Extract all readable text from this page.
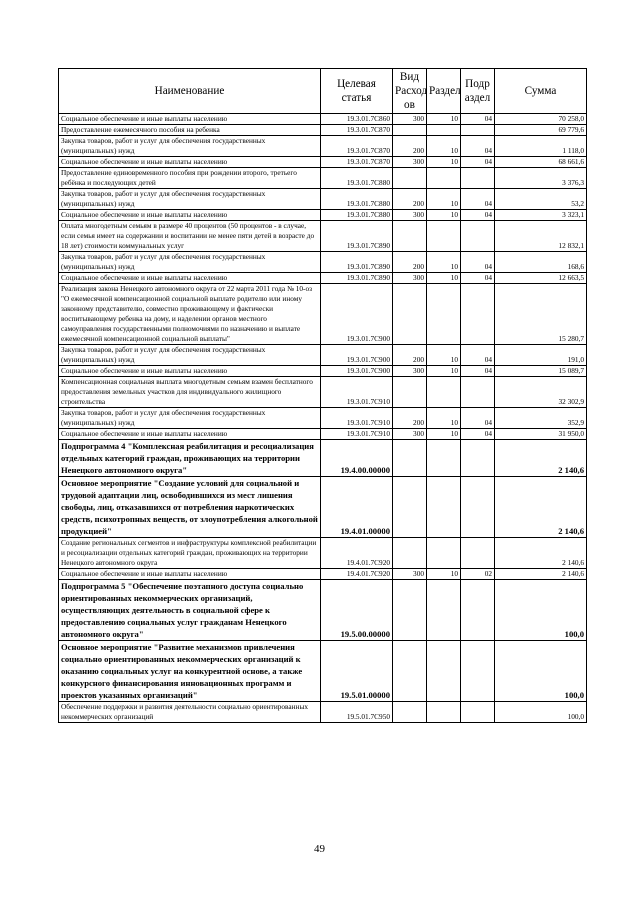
Наименование	Целевая статья	Вид Расход ов	Раздел	Подр аздел	Сумма
Социальное обеспечение и иные выплаты населению	19.3.01.7C860	300	10	04	70 258,0
Предоставление ежемесячного пособия на ребенка	19.3.01.7C870				69 779,6
Закупка товаров, работ и услуг для обеспечения государственных (муниципальных) нужд	19.3.01.7C870	200	10	04	1 118,0
Социальное обеспечение и иные выплаты населению	19.3.01.7C870	300	10	04	68 661,6
Предоставление единовременного пособия при рождении второго, третьего ребёнка и последующих детей	19.3.01.7C880				3 376,3
Закупка товаров, работ и услуг для обеспечения государственных (муниципальных) нужд	19.3.01.7C880	200	10	04	53,2
Социальное обеспечение и иные выплаты населению	19.3.01.7C880	300	10	04	3 323,1
Оплата многодетным семьям в размере 40 процентов (50 процентов - в случае, если семья имеет на содержании и воспитании не менее пяти детей в возрасте до 18 лет) стоимости коммунальных услуг	19.3.01.7C890				12 832,1
Закупка товаров, работ и услуг для обеспечения государственных (муниципальных) нужд	19.3.01.7C890	200	10	04	168,6
Социальное обеспечение и иные выплаты населению	19.3.01.7C890	300	10	04	12 663,5
Реализация закона Ненецкого автономного округа от 22 марта 2011 года № 10-оз "О ежемесячной компенсационной социальной выплате родителю или иному законному представителю, совместно проживающему и фактически воспитывающему ребенка на дому, и наделении органов местного самоуправления государственными полномочиями по назначению и выплате ежемесячной компенсационной социальной выплаты"	19.3.01.7C900				15 280,7
Закупка товаров, работ и услуг для обеспечения государственных (муниципальных) нужд	19.3.01.7C900	200	10	04	191,0
Социальное обеспечение и иные выплаты населению	19.3.01.7C900	300	10	04	15 089,7
Компенсационная социальная выплата многодетным семьям взамен бесплатного предоставления земельных участков для индивидуального жилищного строительства	19.3.01.7C910				32 302,9
Закупка товаров, работ и услуг для обеспечения государственных (муниципальных) нужд	19.3.01.7C910	200	10	04	352,9
Социальное обеспечение и иные выплаты населению	19.3.01.7C910	300	10	04	31 950,0
Подпрограмма 4 "Комплексная реабилитация и ресоциализация отдельных категорий граждан, проживающих на территории Ненецкого автономного округа"	19.4.00.00000				2 140,6
Основное мероприятие "Создание условий для социальной и трудовой адаптации лиц, освободившихся из мест лишения свободы, лиц, отказавшихся от потребления наркотических средств, психотропных веществ, от злоупотребления алкогольной продукцией"	19.4.01.00000				2 140,6
Создание региональных сегментов и инфраструктуры комплексной реабилитации и ресоциализации отдельных категорий граждан, проживающих на территории Ненецкого автономного округа	19.4.01.7C920				2 140,6
Социальное обеспечение и иные выплаты населению	19.4.01.7C920	300	10	02	2 140,6
Подпрограмма 5 "Обеспечение поэтапного доступа социально ориентированных некоммерческих организаций, осуществляющих деятельность в социальной сфере к предоставлению социальных услуг гражданам Ненецкого автономного округа"	19.5.00.00000				100,0
Основное мероприятие "Развитие механизмов привлечения социально ориентированных некоммерческих организаций к оказанию социальных услуг на конкурентной основе, а также конкурсного финансирования инновационных программ и проектов указанных организаций"	19.5.01.00000				100,0
Обеспечение поддержки и развития деятельности социально ориентированных некоммерческих организаций	19.5.01.7C950				100,0
49
